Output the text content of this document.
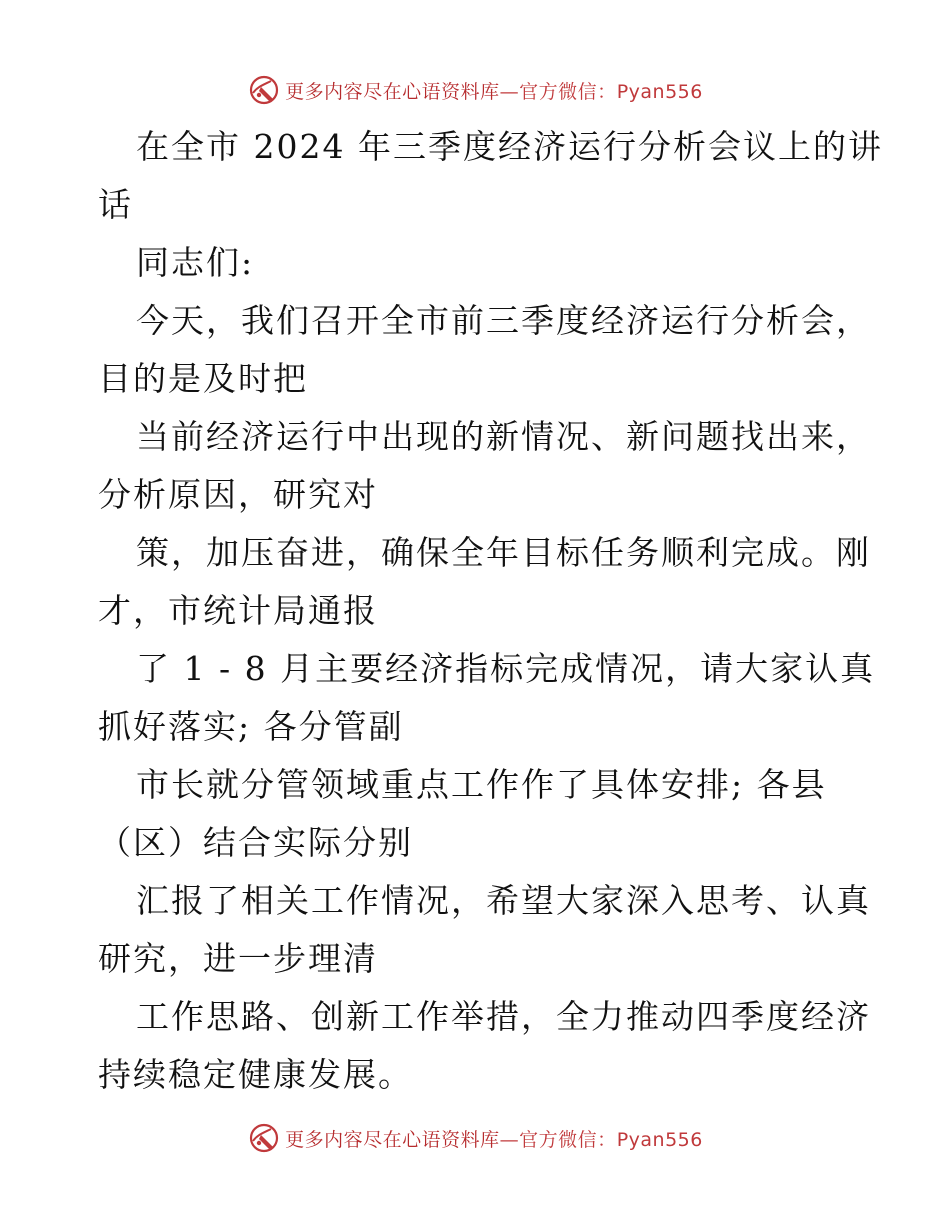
更多内容尽在心语资料库—官方微信：Pyan556
在全市 2024 年三季度经济运行分析会议上的讲
话
同志们:
今天，我们召开全市前三季度经济运行分析会，
目的是及时把
当前经济运行中出现的新情况、新问题找出来，
分析原因，研究对
策，加压奋进，确保全年目标任务顺利完成。刚
才，市统计局通报
了 1 - 8 月主要经济指标完成情况，请大家认真
抓好落实; 各分管副
市长就分管领域重点工作作了具体安排; 各县
（区）结合实际分别
汇报了相关工作情况，希望大家深入思考、认真
研究，进一步理清
工作思路、创新工作举措，全力推动四季度经济
持续稳定健康发展。
更多内容尽在心语资料库—官方微信：Pyan556
